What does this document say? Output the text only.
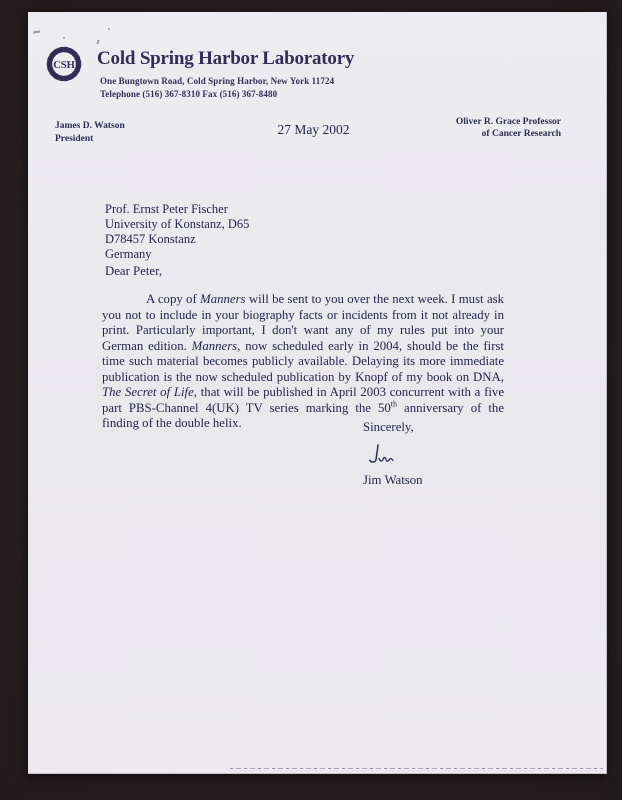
CSH Cold Spring Harbor Laboratory
One Bungtown Road, Cold Spring Harbor, New York 11724
Telephone (516) 367-8310 Fax (516) 367-8480
James D. Watson
President
27 May 2002	Oliver R. Grace Professor
of Cancer Research
Prof. Ernst Peter Fischer
University of Konstanz, D65
D78457 Konstanz
Germany
Dear Peter,
A copy of Manners will be sent to you over the next week. I must ask you not to include in your biography facts or incidents from it not already in print. Particularly important, I don't want any of my rules put into your German edition. Manners, now scheduled early in 2004, should be the first time such material becomes publicly available. Delaying its more immediate publication is the now scheduled publication by Knopf of my book on DNA, The Secret of Life, that will be published in April 2003 concurrent with a five part PBS-Channel 4(UK) TV series marking the 50th anniversary of the finding of the double helix.	Sincerely,
Jim Watson
